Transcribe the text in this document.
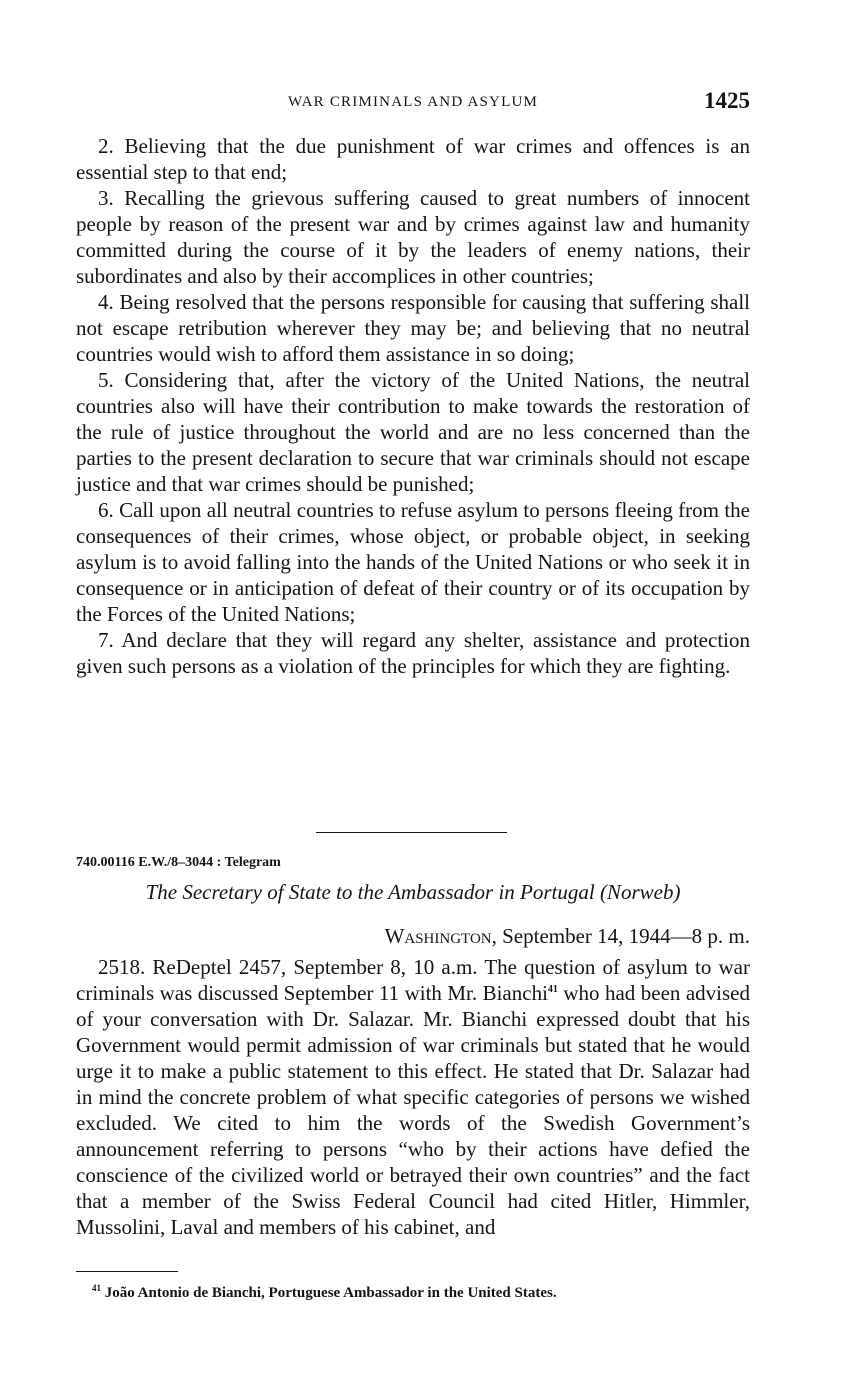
WAR CRIMINALS AND ASYLUM	1425

2. Believing that the due punishment of war crimes and offences is an essential step to that end;

3. Recalling the grievous suffering caused to great numbers of innocent people by reason of the present war and by crimes against law and humanity committed during the course of it by the leaders of enemy nations, their subordinates and also by their accomplices in other countries;

4. Being resolved that the persons responsible for causing that suffering shall not escape retribution wherever they may be; and believing that no neutral countries would wish to afford them assistance in so doing;

5. Considering that, after the victory of the United Nations, the neutral countries also will have their contribution to make towards the restoration of the rule of justice throughout the world and are no less concerned than the parties to the present declaration to secure that war criminals should not escape justice and that war crimes should be punished;

6. Call upon all neutral countries to refuse asylum to persons fleeing from the consequences of their crimes, whose object, or probable object, in seeking asylum is to avoid falling into the hands of the United Nations or who seek it in consequence or in anticipation of defeat of their country or of its occupation by the Forces of the United Nations;

7. And declare that they will regard any shelter, assistance and protection given such persons as a violation of the principles for which they are fighting.

740.00116 E.W./8–3044 : Telegram
The Secretary of State to the Ambassador in Portugal (Norweb)
Washington, September 14, 1944—8 p. m.

2518. ReDeptel 2457, September 8, 10 a.m. The question of asylum to war criminals was discussed September 11 with Mr. Bianchi$^{41}$ who had been advised of your conversation with Dr. Salazar. Mr. Bianchi expressed doubt that his Government would permit admission of war criminals but stated that he would urge it to make a public statement to this effect. He stated that Dr. Salazar had in mind the concrete problem of what specific categories of persons we wished excluded. We cited to him the words of the Swedish Government’s announcement referring to persons “who by their actions have defied the conscience of the civilized world or betrayed their own countries” and the fact that a member of the Swiss Federal Council had cited Hitler, Himmler, Mussolini, Laval and members of his cabinet, and

$^{41}$ João Antonio de Bianchi, Portuguese Ambassador in the United States.
